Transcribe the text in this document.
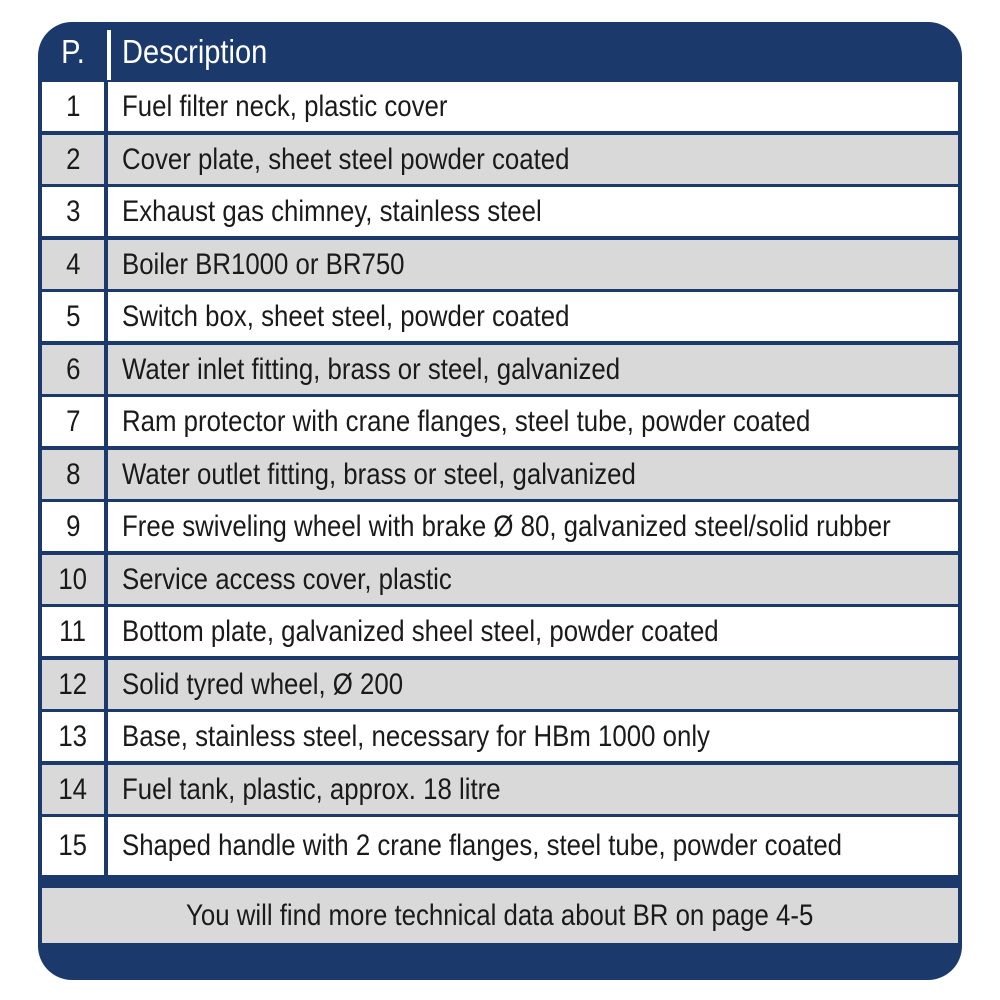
P.	Description
1	Fuel filter neck, plastic cover
2	Cover plate, sheet steel powder coated
3	Exhaust gas chimney, stainless steel
4	Boiler BR1000 or BR750
5	Switch box, sheet steel, powder coated
6	Water inlet fitting, brass or steel, galvanized
7	Ram protector with crane flanges, steel tube, powder coated
8	Water outlet fitting, brass or steel, galvanized
9	Free swiveling wheel with brake Ø 80, galvanized steel/solid rubber
10	Service access cover, plastic
11	Bottom plate, galvanized sheel steel, powder coated
12	Solid tyred wheel, Ø 200
13	Base, stainless steel, necessary for HBm 1000 only
14	Fuel tank, plastic, approx. 18 litre
15	Shaped handle with 2 crane flanges, steel tube, powder coated
You will find more technical data about BR on page 4-5
